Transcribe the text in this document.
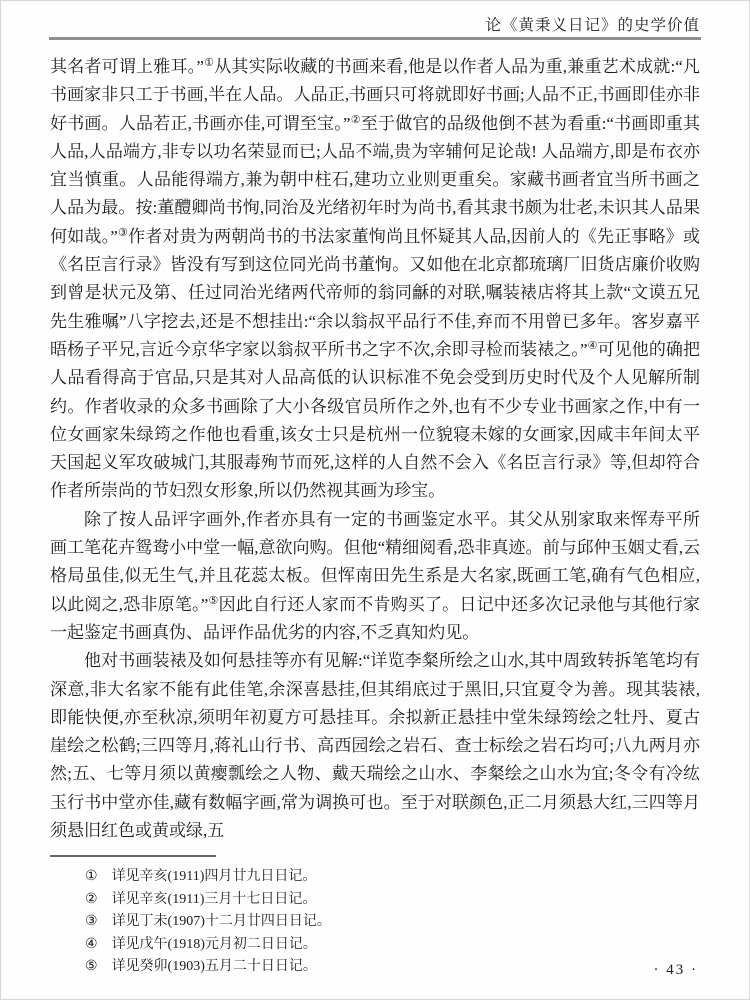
论《黄秉义日记》的史学价值

其名者可谓上雅耳。”①从其实际收藏的书画来看,他是以作者人品为重,兼重艺术成就:“凡书画家非只工于书画,半在人品。人品正,书画只可将就即好书画;人品不正,书画即佳亦非好书画。人品若正,书画亦佳,可谓至宝。”②至于做官的品级他倒不甚为看重:“书画即重其人品,人品端方,非专以功名荣显而已;人品不端,贵为宰辅何足论哉! 人品端方,即是布衣亦宜当慎重。人品能得端方,兼为朝中柱石,建功立业则更重矣。家藏书画者宜当所书画之人品为最。按:董醴卿尚书恂,同治及光绪初年时为尚书,看其隶书颇为壮老,未识其人品果何如哉。”③作者对贵为两朝尚书的书法家董恂尚且怀疑其人品,因前人的《先正事略》或《名臣言行录》皆没有写到这位同光尚书董恂。又如他在北京都琉璃厂旧货店廉价收购到曾是状元及第、任过同治光绪两代帝师的翁同龢的对联,嘱装裱店将其上款“文谟五兄先生雅嘱”八字挖去,还是不想挂出:“余以翁叔平品行不佳,弃而不用曾已多年。客岁嘉平晤杨子平兄,言近今京华字家以翁叔平所书之字不次,余即寻检而装裱之。”④可见他的确把人品看得高于官品,只是其对人品高低的认识标准不免会受到历史时代及个人见解所制约。作者收录的众多书画除了大小各级官员所作之外,也有不少专业书画家之作,中有一位女画家朱绿筠之作他也看重,该女士只是杭州一位貌寝未嫁的女画家,因咸丰年间太平天国起义军攻破城门,其服毒殉节而死,这样的人自然不会入《名臣言行录》等,但却符合作者所崇尚的节妇烈女形象,所以仍然视其画为珍宝。

除了按人品评字画外,作者亦具有一定的书画鉴定水平。其父从别家取来恽寿平所画工笔花卉鸳鸯小中堂一幅,意欲向购。但他“精细阅看,恐非真迹。前与邱仲玉姻丈看,云格局虽佳,似无生气,并且花蕊太板。但恽南田先生系是大名家,既画工笔,确有气色相应,以此阅之,恐非原笔。”⑤因此自行还人家而不肯购买了。日记中还多次记录他与其他行家一起鉴定书画真伪、品评作品优劣的内容,不乏真知灼见。

他对书画装裱及如何悬挂等亦有见解:“详览李粲所绘之山水,其中周致转拆笔笔均有深意,非大名家不能有此佳笔,余深喜悬挂,但其绢底过于黑旧,只宜夏令为善。现其装裱,即能快便,亦至秋凉,须明年初夏方可悬挂耳。余拟新正悬挂中堂朱绿筠绘之牡丹、夏古崖绘之松鹤;三四等月,蒋礼山行书、高西园绘之岩石、查士标绘之岩石均可;八九两月亦然;五、七等月须以黄瘿瓢绘之人物、戴天瑞绘之山水、李粲绘之山水为宜;冬令有冷纮玉行书中堂亦佳,藏有数幅字画,常为调换可也。至于对联颜色,正二月须悬大红,三四等月须悬旧红色或黄或绿,五

① 详见辛亥(1911)四月廿九日日记。
② 详见辛亥(1911)三月十七日日记。
③ 详见丁未(1907)十二月廿四日日记。
④ 详见戊午(1918)元月初二日日记。
⑤ 详见癸卯(1903)五月二十日日记。	· 43 ·
